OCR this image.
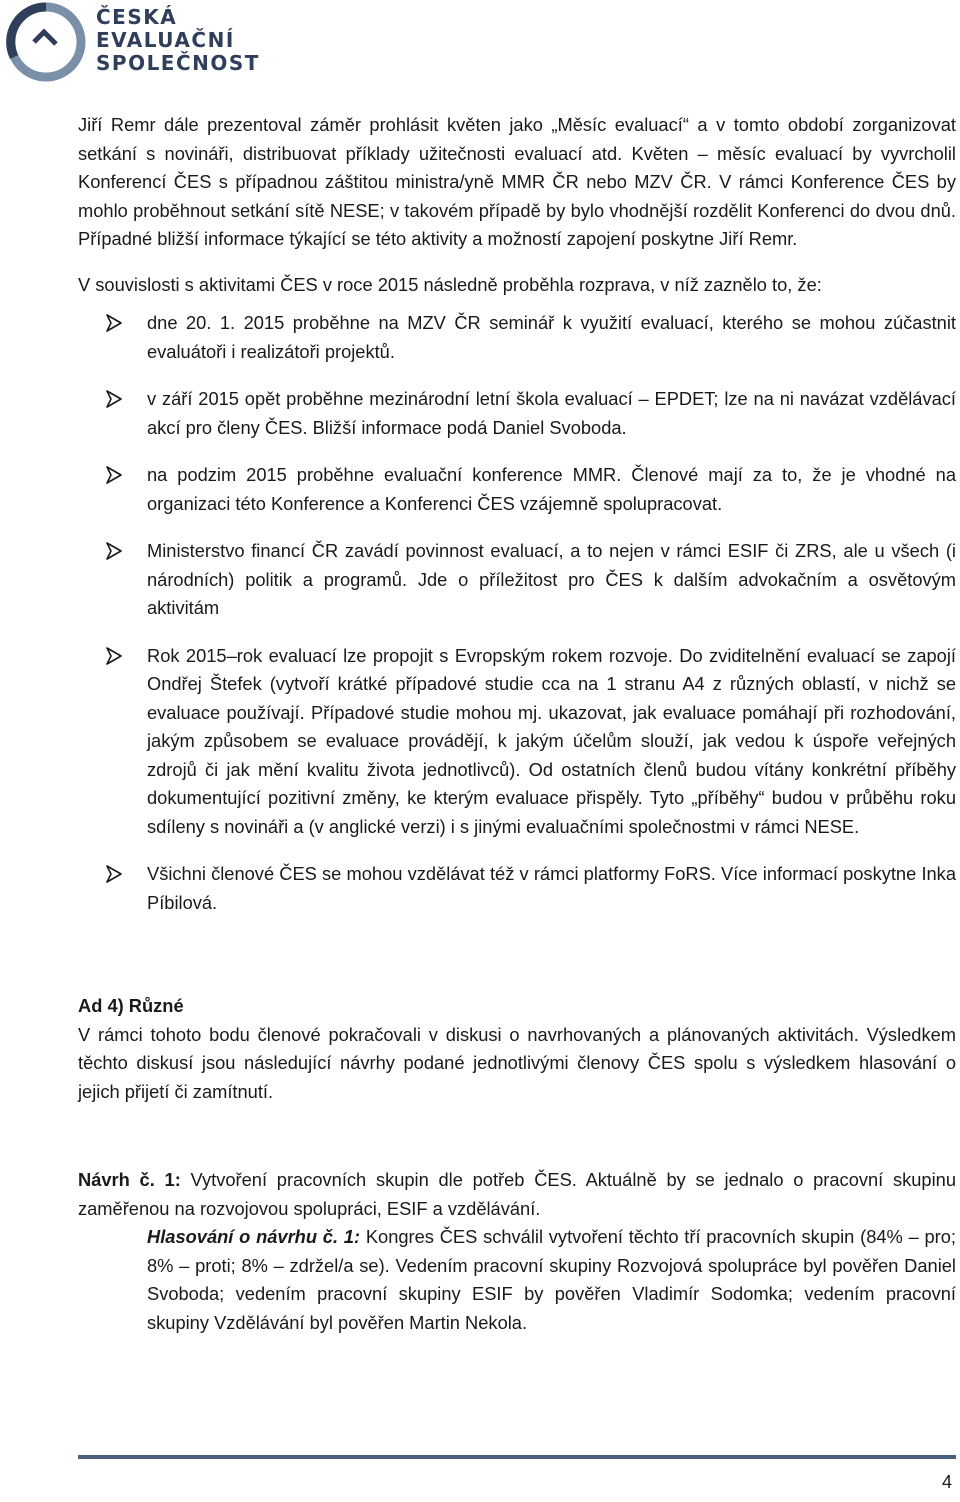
ČESKÁ
EVALUAČNÍ
SPOLEČNOST

Jiří Remr dále prezentoval záměr prohlásit květen jako „Měsíc evaluací“ a v tomto období zorganizovat setkání s novináři, distribuovat příklady užitečnosti evaluací atd. Květen – měsíc evaluací by vyvrcholil Konferencí ČES s případnou záštitou ministra/yně MMR ČR nebo MZV ČR. V rámci Konference ČES by mohlo proběhnout setkání sítě NESE; v takovém případě by bylo vhodnější rozdělit Konferenci do dvou dnů. Případné bližší informace týkající se této aktivity a možností zapojení poskytne Jiří Remr.

V souvislosti s aktivitami ČES v roce 2015 následně proběhla rozprava, v níž zaznělo to, že:

dne 20. 1. 2015 proběhne na MZV ČR seminář k využití evaluací, kterého se mohou zúčastnit evaluátoři i realizátoři projektů.

v září 2015 opět proběhne mezinárodní letní škola evaluací – EPDET; lze na ni navázat vzdělávací akcí pro členy ČES. Bližší informace podá Daniel Svoboda.

na podzim 2015 proběhne evaluační konference MMR. Členové mají za to, že je vhodné na organizaci této Konference a Konferenci ČES vzájemně spolupracovat.

Ministerstvo financí ČR zavádí povinnost evaluací, a to nejen v rámci ESIF či ZRS, ale u všech (i národních) politik a programů. Jde o příležitost pro ČES k dalším advokačním a osvětovým aktivitám

Rok 2015–rok evaluací lze propojit s Evropským rokem rozvoje. Do zviditelnění evaluací se zapojí Ondřej Štefek (vytvoří krátké případové studie cca na 1 stranu A4 z různých oblastí, v nichž se evaluace používají. Případové studie mohou mj. ukazovat, jak evaluace pomáhají při rozhodování, jakým způsobem se evaluace provádějí, k jakým účelům slouží, jak vedou k úspoře veřejných zdrojů či jak mění kvalitu života jednotlivců). Od ostatních členů budou vítány konkrétní příběhy dokumentující pozitivní změny, ke kterým evaluace přispěly. Tyto „příběhy“ budou v průběhu roku sdíleny s novináři a (v anglické verzi) i s jinými evaluačními společnostmi v rámci NESE.

Všichni členové ČES se mohou vzdělávat též v rámci platformy FoRS. Více informací poskytne Inka Píbilová.

Ad 4) Různé

V rámci tohoto bodu členové pokračovali v diskusi o navrhovaných a plánovaných aktivitách. Výsledkem těchto diskusí jsou následující návrhy podané jednotlivými členovy ČES spolu s výsledkem hlasování o jejich přijetí či zamítnutí.

Návrh č. 1: Vytvoření pracovních skupin dle potřeb ČES. Aktuálně by se jednalo o pracovní skupinu zaměřenou na rozvojovou spolupráci, ESIF a vzdělávání.

Hlasování o návrhu č. 1: Kongres ČES schválil vytvoření těchto tří pracovních skupin (84% – pro; 8% – proti; 8% – zdržel/a se). Vedením pracovní skupiny Rozvojová spolupráce byl pověřen Daniel Svoboda; vedením pracovní skupiny ESIF by pověřen Vladimír Sodomka; vedením pracovní skupiny Vzdělávání byl pověřen Martin Nekola.

4
